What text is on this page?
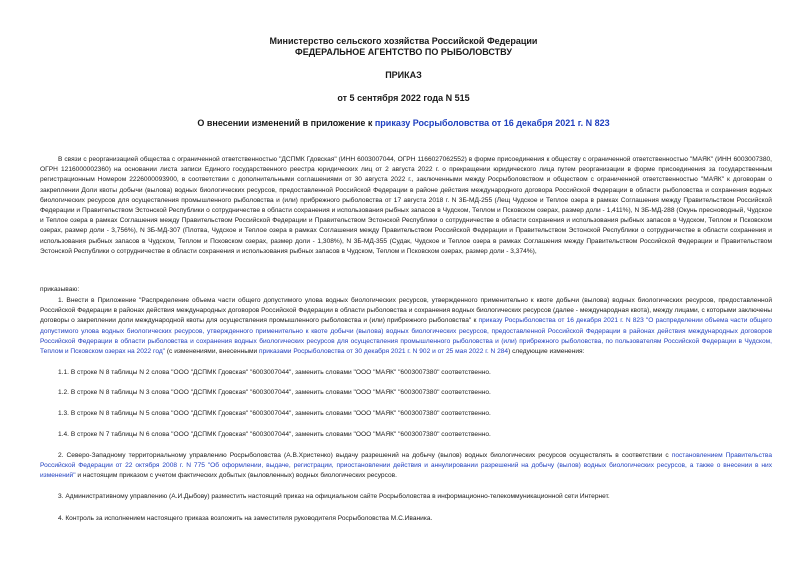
Министерство сельского хозяйства Российской Федерации
ФЕДЕРАЛЬНОЕ АГЕНТСТВО ПО РЫБОЛОВСТВУ
ПРИКАЗ
от 5 сентября 2022 года N 515
О внесении изменений в приложение к приказу Росрыболовства от 16 декабря 2021 г. N 823

В связи с реорганизацией общества с ограниченной ответственностью "ДСПМК Гдовская" (ИНН 6003007044, ОГРН 1166027062552) в форме присоединения к обществу с ограниченной ответственностью "МАЯК" (ИНН 6003007380, ОГРН 1216000002360) на основании листа записи Единого государственного реестра юридических лиц от 2 августа 2022 г. о прекращении юридического лица путем реорганизации в форме присоединения за государственным регистрационным Номером 2226000093900, в соответствии с дополнительными соглашениями от 30 августа 2022 г., заключенными между Росрыболовством и обществом с ограниченной ответственностью "МАЯК" к договорам о закреплении Доли квоты добычи (вылова) водных биологических ресурсов, предоставленной Российской Федерации в районе действия международного договора Российской Федерации в области рыболовства и сохранения водных биологических ресурсов для осуществления промышленного рыболовства и (или) прибрежного рыболовства от 17 августа 2018 г. N 3Б-МД-255 (Лещ Чудское и Теплое озера в рамках Соглашения между Правительством Российской Федерации и Правительством Эстонской Республики о сотрудничестве в области сохранения и использования рыбных запасов в Чудском, Теплом и Псковском озерах, размер доли - 1,411%), N 3Б-МД-288 (Окунь пресноводный, Чудское и Теплое озера в рамках Соглашения между Правительством Российской Федерации и Правительством Эстонской Республики о сотрудничестве в области сохранения и использования рыбных запасов в Чудском, Теплом и Псковском озерах, размер доли - 3,756%), N 3Б-МД-307 (Плотва, Чудское и Теплое озера в рамках Соглашения между Правительством Российской Федерации и Правительством Эстонской Республики о сотрудничестве в области сохранения и использования рыбных запасов в Чудском, Теплом и Псковском озерах, размер доли - 1,308%), N 3Б-МД-355 (Судак, Чудское и Теплое озера в рамках Соглашения между Правительством Российской Федерации и Правительством Эстонской Республики о сотрудничестве в области сохранения и использования рыбных запасов в Чудском, Теплом и Псковском озерах, размер доли - 3,374%),

приказываю:

1. Внести в Приложение "Распределение объема части общего допустимого улова водных биологических ресурсов, утвержденного применительно к квоте добычи (вылова) водных биологических ресурсов, предоставленной Российской Федерации в районах действия международных договоров Российской Федерации в области рыболовства и сохранения водных биологических ресурсов (далее - международная квота), между лицами, с которыми заключены договоры о закреплении доли международной квоты для осуществления промышленного рыболовства и (или) прибрежного рыболовства" к приказу Росрыболовства от 16 декабря 2021 г. N 823 "О распределении объема части общего допустимого улова водных биологических ресурсов, утвержденного применительно к квоте добычи (вылова) водных биологических ресурсов, предоставленной Российской Федерации в районах действия международных договоров Российской Федерации в области рыболовства и сохранения водных биологических ресурсов для осуществления промышленного рыболовства и (или) прибрежного рыболовства, по пользователям Российской Федерации в Чудском, Теплом и Псковском озерах на 2022 год" (с изменениями, внесенными приказами Росрыболовства от 30 декабря 2021 г. N 902 и от 25 мая 2022 г. N 284) следующие изменения:

1.1. В строке N 8 таблицы N 2 слова "ООО "ДСПМК Гдовская" "6003007044", заменить словами "ООО "МАЯК" "6003007380" соответственно.

1.2. В строке N 8 таблицы N 3 слова "ООО "ДСПМК Гдовская" "6003007044", заменить словами "ООО "МАЯК" "6003007380" соответственно.

1.3. В строке N 8 таблицы N 5 слова "ООО "ДСПМК Гдовская" "6003007044", заменить словами "ООО "МАЯК" "6003007380" соответственно.

1.4. В строке N 7 таблицы N 6 слова "ООО "ДСПМК Гдовская" "6003007044", заменить словами "ООО "МАЯК" "6003007380" соответственно.

2. Северо-Западному территориальному управлению Росрыболовства (А.В.Христенко) выдачу разрешений на добычу (вылов) водных биологических ресурсов осуществлять в соответствии с постановлением Правительства Российской Федерации от 22 октября 2008 г. N 775 "Об оформлении, выдаче, регистрации, приостановлении действия и аннулировании разрешений на добычу (вылов) водных биологических ресурсов, а также о внесении в них изменений" и настоящим приказом с учетом фактических добытых (выловленных) водных биологических ресурсов.

3. Административному управлению (А.И.Дыбову) разместить настоящий приказ на официальном сайте Росрыболовства в информационно-телекоммуникационной сети Интернет.

4. Контроль за исполнением настоящего приказа возложить на заместителя руководителя Росрыболовства М.С.Иваника.
